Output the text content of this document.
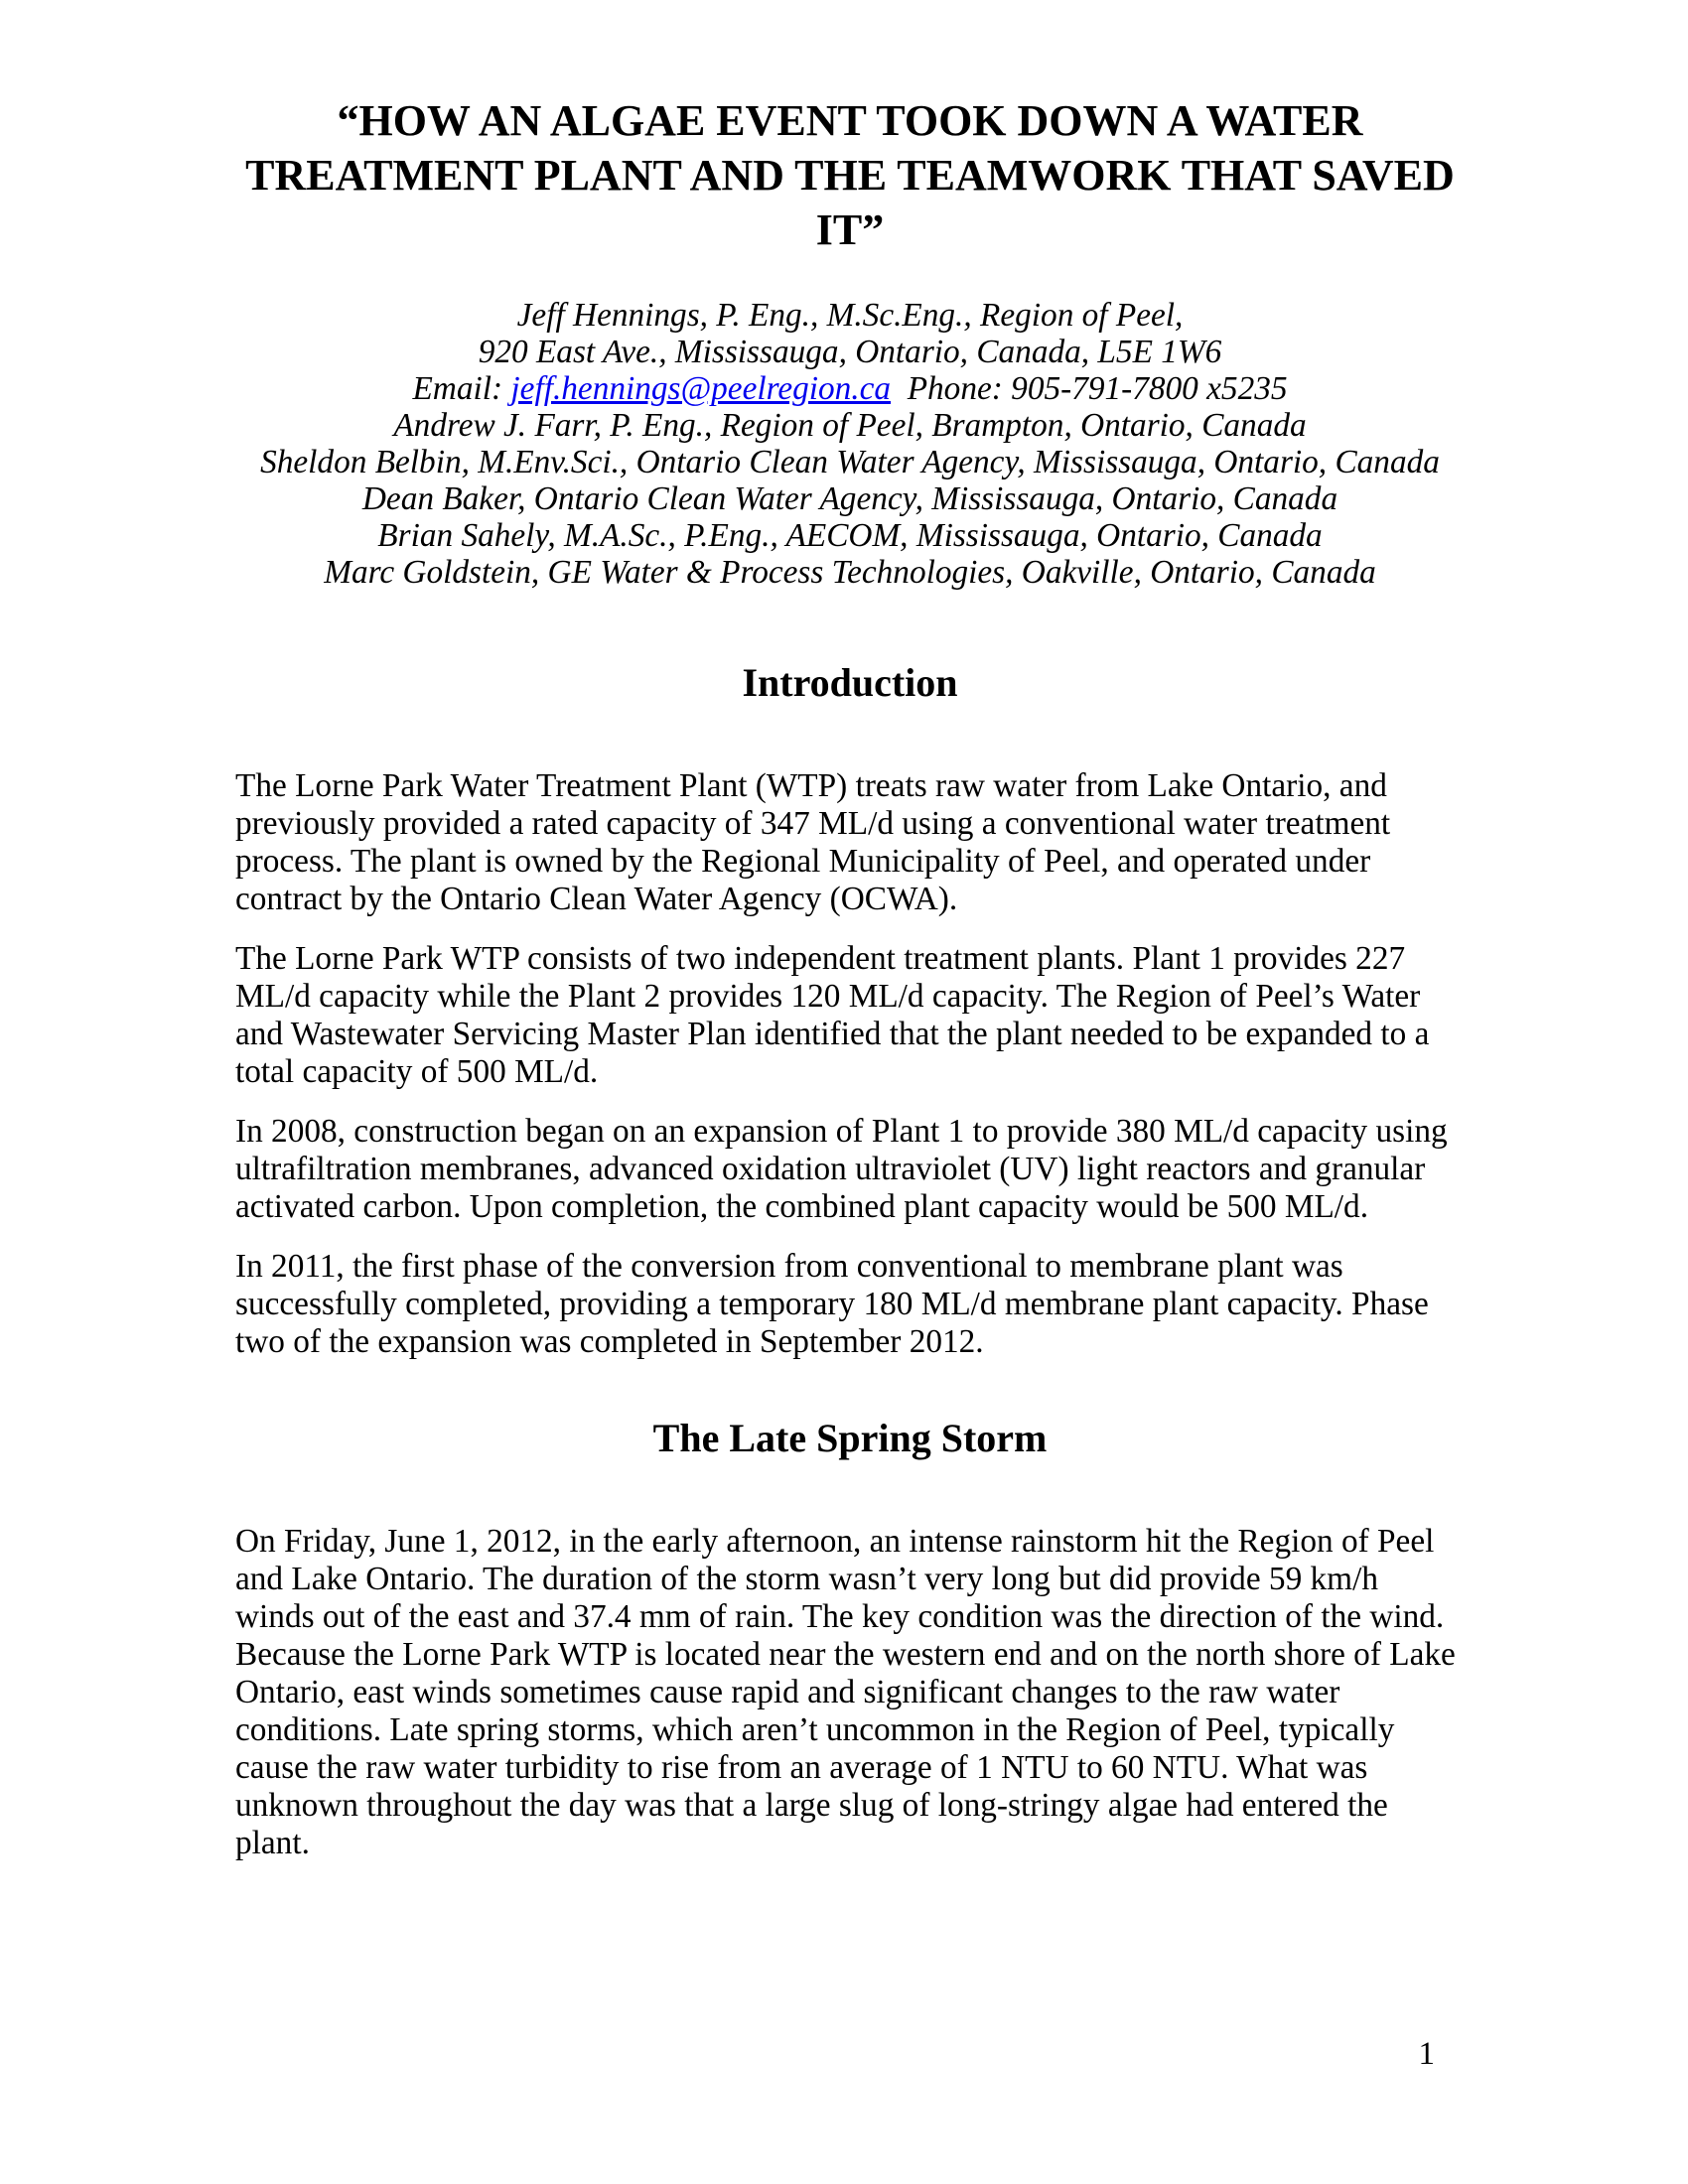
“HOW AN ALGAE EVENT TOOK DOWN A WATER TREATMENT PLANT AND THE TEAMWORK THAT SAVED IT”
Jeff Hennings, P. Eng., M.Sc.Eng., Region of Peel,
920 East Ave., Mississauga, Ontario, Canada, L5E 1W6
Email: jeff.hennings@peelregion.ca  Phone: 905-791-7800 x5235
Andrew J. Farr, P. Eng., Region of Peel, Brampton, Ontario, Canada
Sheldon Belbin, M.Env.Sci., Ontario Clean Water Agency, Mississauga, Ontario, Canada
Dean Baker, Ontario Clean Water Agency, Mississauga, Ontario, Canada
Brian Sahely, M.A.Sc., P.Eng., AECOM, Mississauga, Ontario, Canada
Marc Goldstein, GE Water & Process Technologies, Oakville, Ontario, Canada
Introduction

The Lorne Park Water Treatment Plant (WTP) treats raw water from Lake Ontario, and previously provided a rated capacity of 347 ML/d using a conventional water treatment process. The plant is owned by the Regional Municipality of Peel, and operated under contract by the Ontario Clean Water Agency (OCWA).

The Lorne Park WTP consists of two independent treatment plants. Plant 1 provides 227 ML/d capacity while the Plant 2 provides 120 ML/d capacity. The Region of Peel’s Water and Wastewater Servicing Master Plan identified that the plant needed to be expanded to a total capacity of 500 ML/d.

In 2008, construction began on an expansion of Plant 1 to provide 380 ML/d capacity using ultrafiltration membranes, advanced oxidation ultraviolet (UV) light reactors and granular activated carbon. Upon completion, the combined plant capacity would be 500 ML/d.

In 2011, the first phase of the conversion from conventional to membrane plant was successfully completed, providing a temporary 180 ML/d membrane plant capacity. Phase two of the expansion was completed in September 2012.

The Late Spring Storm

On Friday, June 1, 2012, in the early afternoon, an intense rainstorm hit the Region of Peel and Lake Ontario. The duration of the storm wasn’t very long but did provide 59 km/h winds out of the east and 37.4 mm of rain. The key condition was the direction of the wind. Because the Lorne Park WTP is located near the western end and on the north shore of Lake Ontario, east winds sometimes cause rapid and significant changes to the raw water conditions. Late spring storms, which aren’t uncommon in the Region of Peel, typically cause the raw water turbidity to rise from an average of 1 NTU to 60 NTU. What was unknown throughout the day was that a large slug of long-stringy algae had entered the plant.

1
